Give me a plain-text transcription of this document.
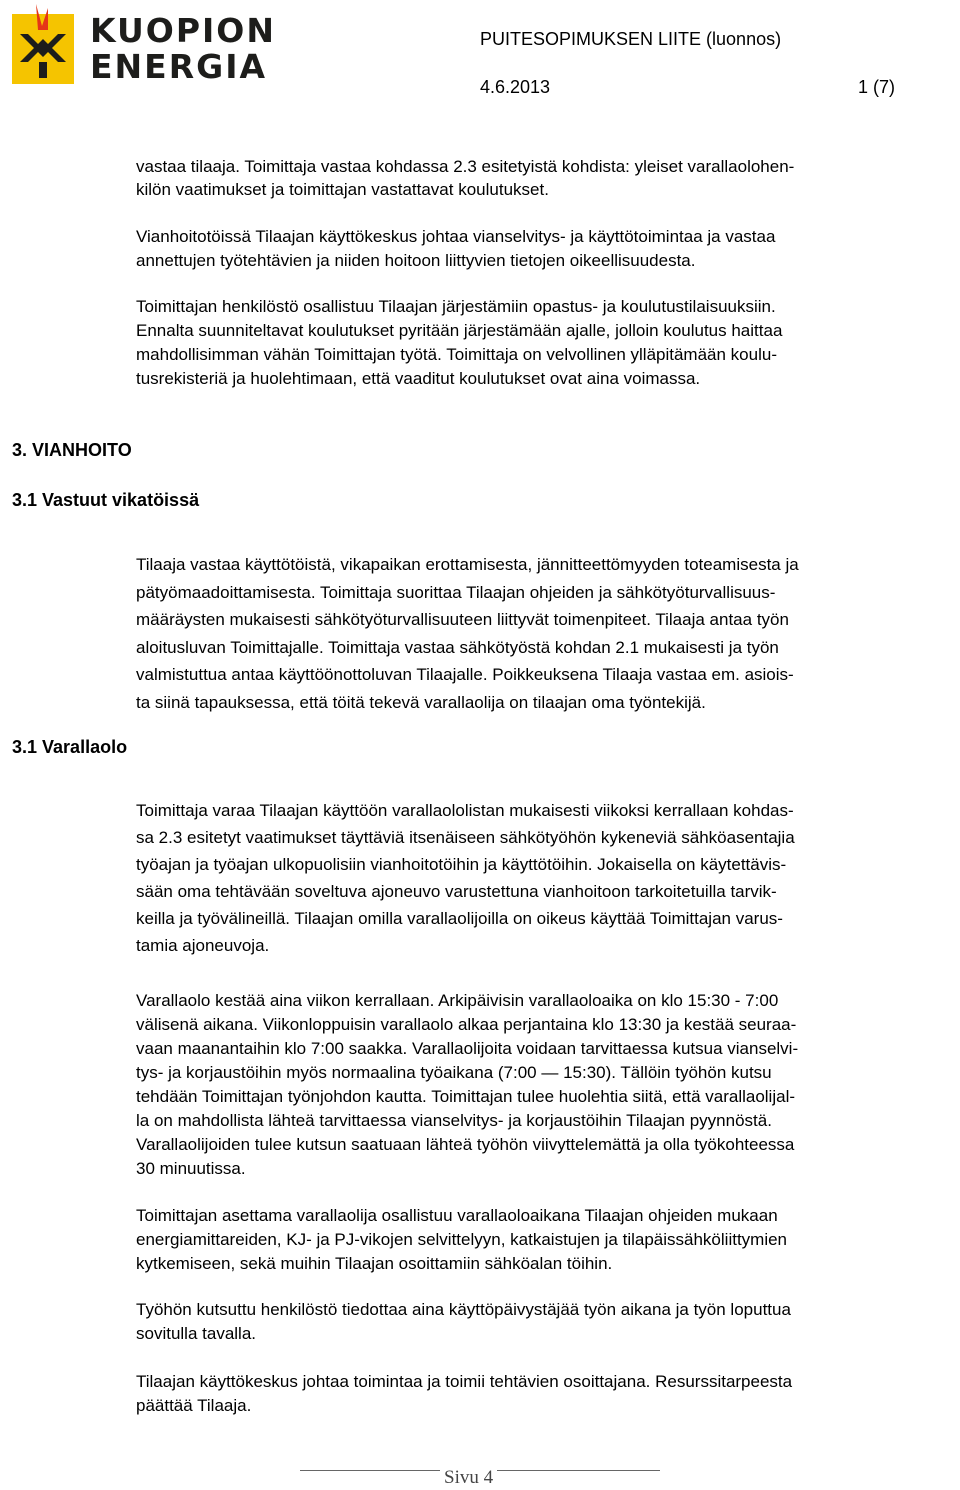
KUOPION
ENERGIA
PUITESOPIMUKSEN LIITE (luonnos)
4.6.2013	1 (7)
vastaa tilaaja. Toimittaja vastaa kohdassa 2.3 esitetyistä kohdista: yleiset varallaolohen-
kilön vaatimukset ja toimittajan vastattavat koulutukset.
Vianhoitotöissä Tilaajan käyttökeskus johtaa vianselvitys- ja käyttötoimintaa ja vastaa
annettujen työtehtävien ja niiden hoitoon liittyvien tietojen oikeellisuudesta.
Toimittajan henkilöstö osallistuu Tilaajan järjestämiin opastus- ja koulutustilaisuuksiin.
Ennalta suunniteltavat koulutukset pyritään järjestämään ajalle, jolloin koulutus haittaa
mahdollisimman vähän Toimittajan työtä. Toimittaja on velvollinen ylläpitämään koulu-
tusrekisteriä ja huolehtimaan, että vaaditut koulutukset ovat aina voimassa.
3. VIANHOITO
3.1 Vastuut vikatöissä
Tilaaja vastaa käyttötöistä, vikapaikan erottamisesta, jännitteettömyyden toteamisesta ja
pätyömaadoittamisesta. Toimittaja suorittaa Tilaajan ohjeiden ja sähkötyöturvallisuus-
määräysten mukaisesti sähkötyöturvallisuuteen liittyvät toimenpiteet. Tilaaja antaa työn
aloitusluvan Toimittajalle. Toimittaja vastaa sähkötyöstä kohdan 2.1 mukaisesti ja työn
valmistuttua antaa käyttöönottoluvan Tilaajalle. Poikkeuksena Tilaaja vastaa em. asiois-
ta siinä tapauksessa, että töitä tekevä varallaolija on tilaajan oma työntekijä.
3.1 Varallaolo
Toimittaja varaa Tilaajan käyttöön varallaololistan mukaisesti viikoksi kerrallaan kohdas-
sa 2.3 esitetyt vaatimukset täyttäviä itsenäiseen sähkötyöhön kykeneviä sähköasentajia
työajan ja työajan ulkopuolisiin vianhoitotöihin ja käyttötöihin. Jokaisella on käytettävis-
sään oma tehtävään soveltuva ajoneuvo varustettuna vianhoitoon tarkoitetuilla tarvik-
keilla ja työvälineillä. Tilaajan omilla varallaolijoilla on oikeus käyttää Toimittajan varus-
tamia ajoneuvoja.
Varallaolo kestää aina viikon kerrallaan. Arkipäivisin varallaoloaika on klo 15:30 - 7:00
välisenä aikana. Viikonloppuisin varallaolo alkaa perjantaina klo 13:30 ja kestää seuraa-
vaan maanantaihin klo 7:00 saakka. Varallaolijoita voidaan tarvittaessa kutsua vianselvi-
tys- ja korjaustöihin myös normaalina työaikana (7:00 — 15:30). Tällöin työhön kutsu
tehdään Toimittajan työnjohdon kautta. Toimittajan tulee huolehtia siitä, että varallaolijal-
la on mahdollista lähteä tarvittaessa vianselvitys- ja korjaustöihin Tilaajan pyynnöstä.
Varallaolijoiden tulee kutsun saatuaan lähteä työhön viivyttelemättä ja olla työkohteessa
30 minuutissa.
Toimittajan asettama varallaolija osallistuu varallaoloaikana Tilaajan ohjeiden mukaan
energiamittareiden, KJ- ja PJ-vikojen selvittelyyn, katkaistujen ja tilapäissähköliittymien
kytkemiseen, sekä muihin Tilaajan osoittamiin sähköalan töihin.
Työhön kutsuttu henkilöstö tiedottaa aina käyttöpäivystäjää työn aikana ja työn loputtua
sovitulla tavalla.
Tilaajan käyttökeskus johtaa toimintaa ja toimii tehtävien osoittajana. Resurssitarpeesta
päättää Tilaaja.
Sivu 4
